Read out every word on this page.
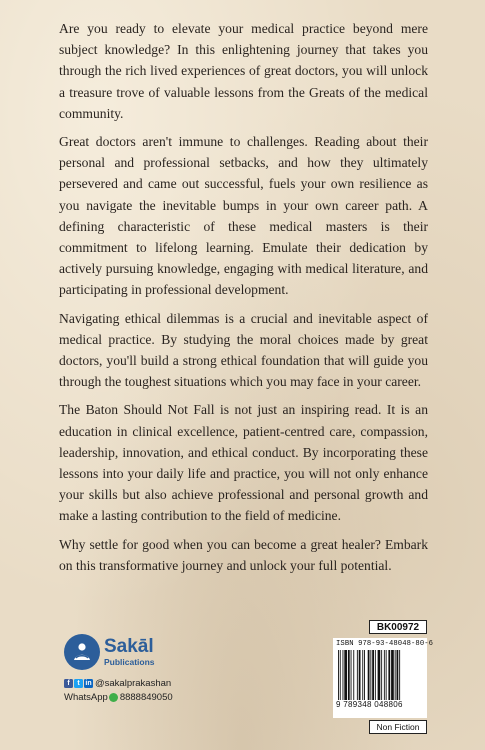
Are you ready to elevate your medical practice beyond mere subject knowledge? In this enlightening journey that takes you through the rich lived experiences of great doctors, you will unlock a treasure trove of valuable lessons from the Greats of the medical community.

Great doctors aren't immune to challenges. Reading about their personal and professional setbacks, and how they ultimately persevered and came out successful, fuels your own resilience as you navigate the inevitable bumps in your own career path. A defining characteristic of these medical masters is their commitment to lifelong learning. Emulate their dedication by actively pursuing knowledge, engaging with medical literature, and participating in professional development.

Navigating ethical dilemmas is a crucial and inevitable aspect of medical practice. By studying the moral choices made by great doctors, you'll build a strong ethical foundation that will guide you through the toughest situations which you may face in your career.

The Baton Should Not Fall is not just an inspiring read. It is an education in clinical excellence, patient-centred care, compassion, leadership, innovation, and ethical conduct. By incorporating these lessons into your daily life and practice, you will not only enhance your skills but also achieve professional and personal growth and make a lasting contribution to the field of medicine.

Why settle for good when you can become a great healer? Embark on this transformative journey and unlock your full potential.

Sakāl
Publications
f	t in @sakalprakashan
WhatsApp 8888849050
BK00972
ISBN 978-93-48048-80-6
9 789348 048806
Non Fiction
